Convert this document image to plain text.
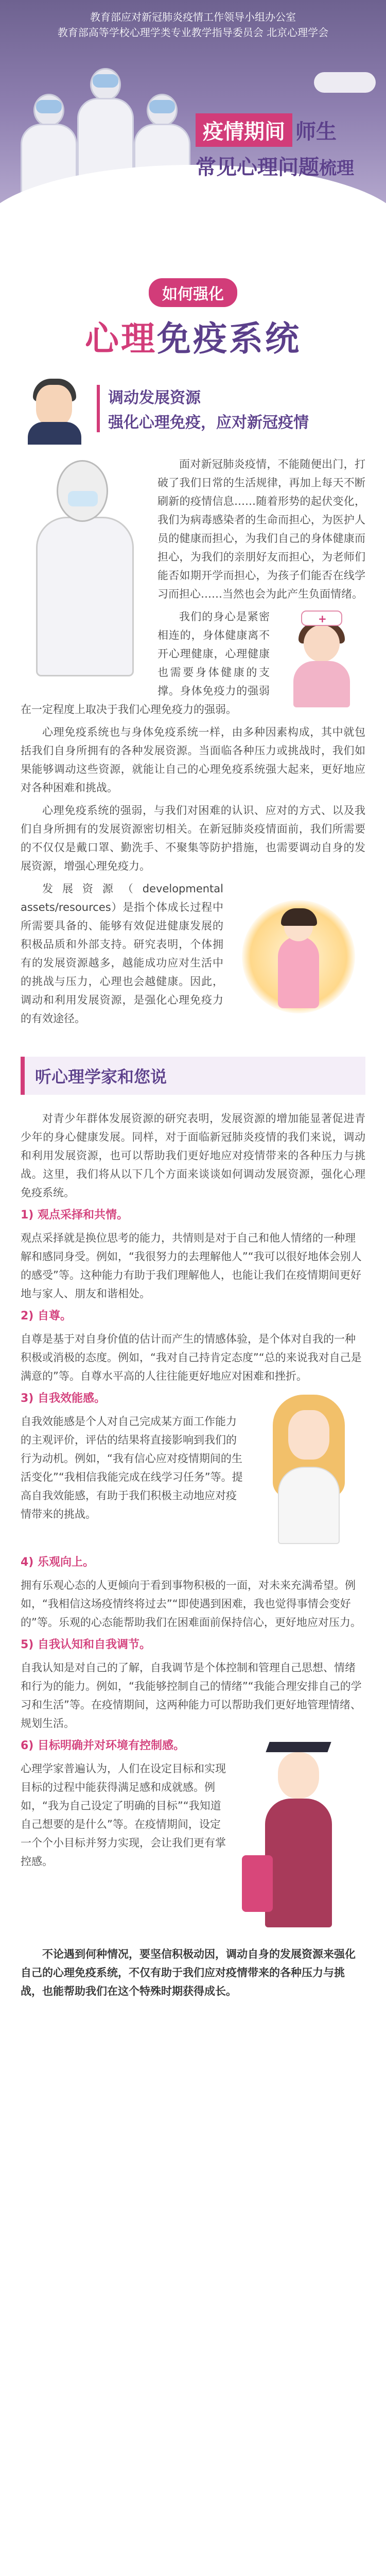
教育部应对新冠肺炎疫情工作领导小组办公室
教育部高等学校心理学类专业教学指导委员会 北京心理学会
疫情期间 师生
常见心理问题梳理
如何强化
心理免疫系统
调动发展资源
强化心理免疫，应对新冠疫情

面对新冠肺炎疫情，不能随便出门，打破了我们日常的生活规律，再加上每天不断刷新的疫情信息……随着形势的起伏变化，我们为病毒感染者的生命而担心，为医护人员的健康而担心，为我们自己的身体健康而担心，为我们的亲朋好友而担心，为老师们能否如期开学而担心，为孩子们能否在线学习而担心……当然也会为此产生负面情绪。

+

我们的身心是紧密相连的，身体健康离不开心理健康，心理健康也需要身体健康的支撑。身体免疫力的强弱在一定程度上取决于我们心理免疫力的强弱。

心理免疫系统也与身体免疫系统一样，由多种因素构成，其中就包括我们自身所拥有的各种发展资源。当面临各种压力或挑战时，我们如果能够调动这些资源，就能让自己的心理免疫系统强大起来，更好地应对各种困难和挑战。

心理免疫系统的强弱，与我们对困难的认识、应对的方式、以及我们自身所拥有的发展资源密切相关。在新冠肺炎疫情面前，我们所需要的不仅仅是戴口罩、勤洗手、不聚集等防护措施，也需要调动自身的发展资源，增强心理免疫力。

发展资源（developmental assets/resources）是指个体成长过程中所需要具备的、能够有效促进健康发展的积极品质和外部支持。研究表明，个体拥有的发展资源越多，越能成功应对生活中的挑战与压力，心理也会越健康。因此，调动和利用发展资源，是强化心理免疫力的有效途径。

听心理学家和您说

对青少年群体发展资源的研究表明，发展资源的增加能显著促进青少年的身心健康发展。同样，对于面临新冠肺炎疫情的我们来说，调动和利用发展资源，也可以帮助我们更好地应对疫情带来的各种压力与挑战。这里，我们将从以下几个方面来谈谈如何调动发展资源，强化心理免疫系统。

1) 观点采择和共情。

观点采择就是换位思考的能力，共情则是对于自己和他人情绪的一种理解和感同身受。例如，“我很努力的去理解他人”“我可以很好地体会别人的感受”等。这种能力有助于我们理解他人，也能让我们在疫情期间更好地与家人、朋友和谐相处。

2) 自尊。

自尊是基于对自身价值的估计而产生的情感体验，是个体对自我的一种积极或消极的态度。例如，“我对自己持肯定态度”“总的来说我对自己是满意的”等。自尊水平高的人往往能更好地应对困难和挫折。

3) 自我效能感。

自我效能感是个人对自己完成某方面工作能力的主观评价，评估的结果将直接影响到我们的行为动机。例如，“我有信心应对疫情期间的生活变化”“我相信我能完成在线学习任务”等。提高自我效能感，有助于我们积极主动地应对疫情带来的挑战。

4) 乐观向上。

拥有乐观心态的人更倾向于看到事物积极的一面，对未来充满希望。例如，“我相信这场疫情终将过去”“即使遇到困难，我也觉得事情会变好的”等。乐观的心态能帮助我们在困难面前保持信心，更好地应对压力。

5) 自我认知和自我调节。

自我认知是对自己的了解，自我调节是个体控制和管理自己思想、情绪和行为的能力。例如，“我能够控制自己的情绪”“我能合理安排自己的学习和生活”等。在疫情期间，这两种能力可以帮助我们更好地管理情绪、规划生活。

6) 目标明确并对环境有控制感。

心理学家普遍认为，人们在设定目标和实现目标的过程中能获得满足感和成就感。例如，“我为自己设定了明确的目标”“我知道自己想要的是什么”等。在疫情期间，设定一个个小目标并努力实现，会让我们更有掌控感。

不论遇到何种情况，要坚信积极动因，调动自身的发展资源来强化自己的心理免疫系统，不仅有助于我们应对疫情带来的各种压力与挑战，也能帮助我们在这个特殊时期获得成长。
